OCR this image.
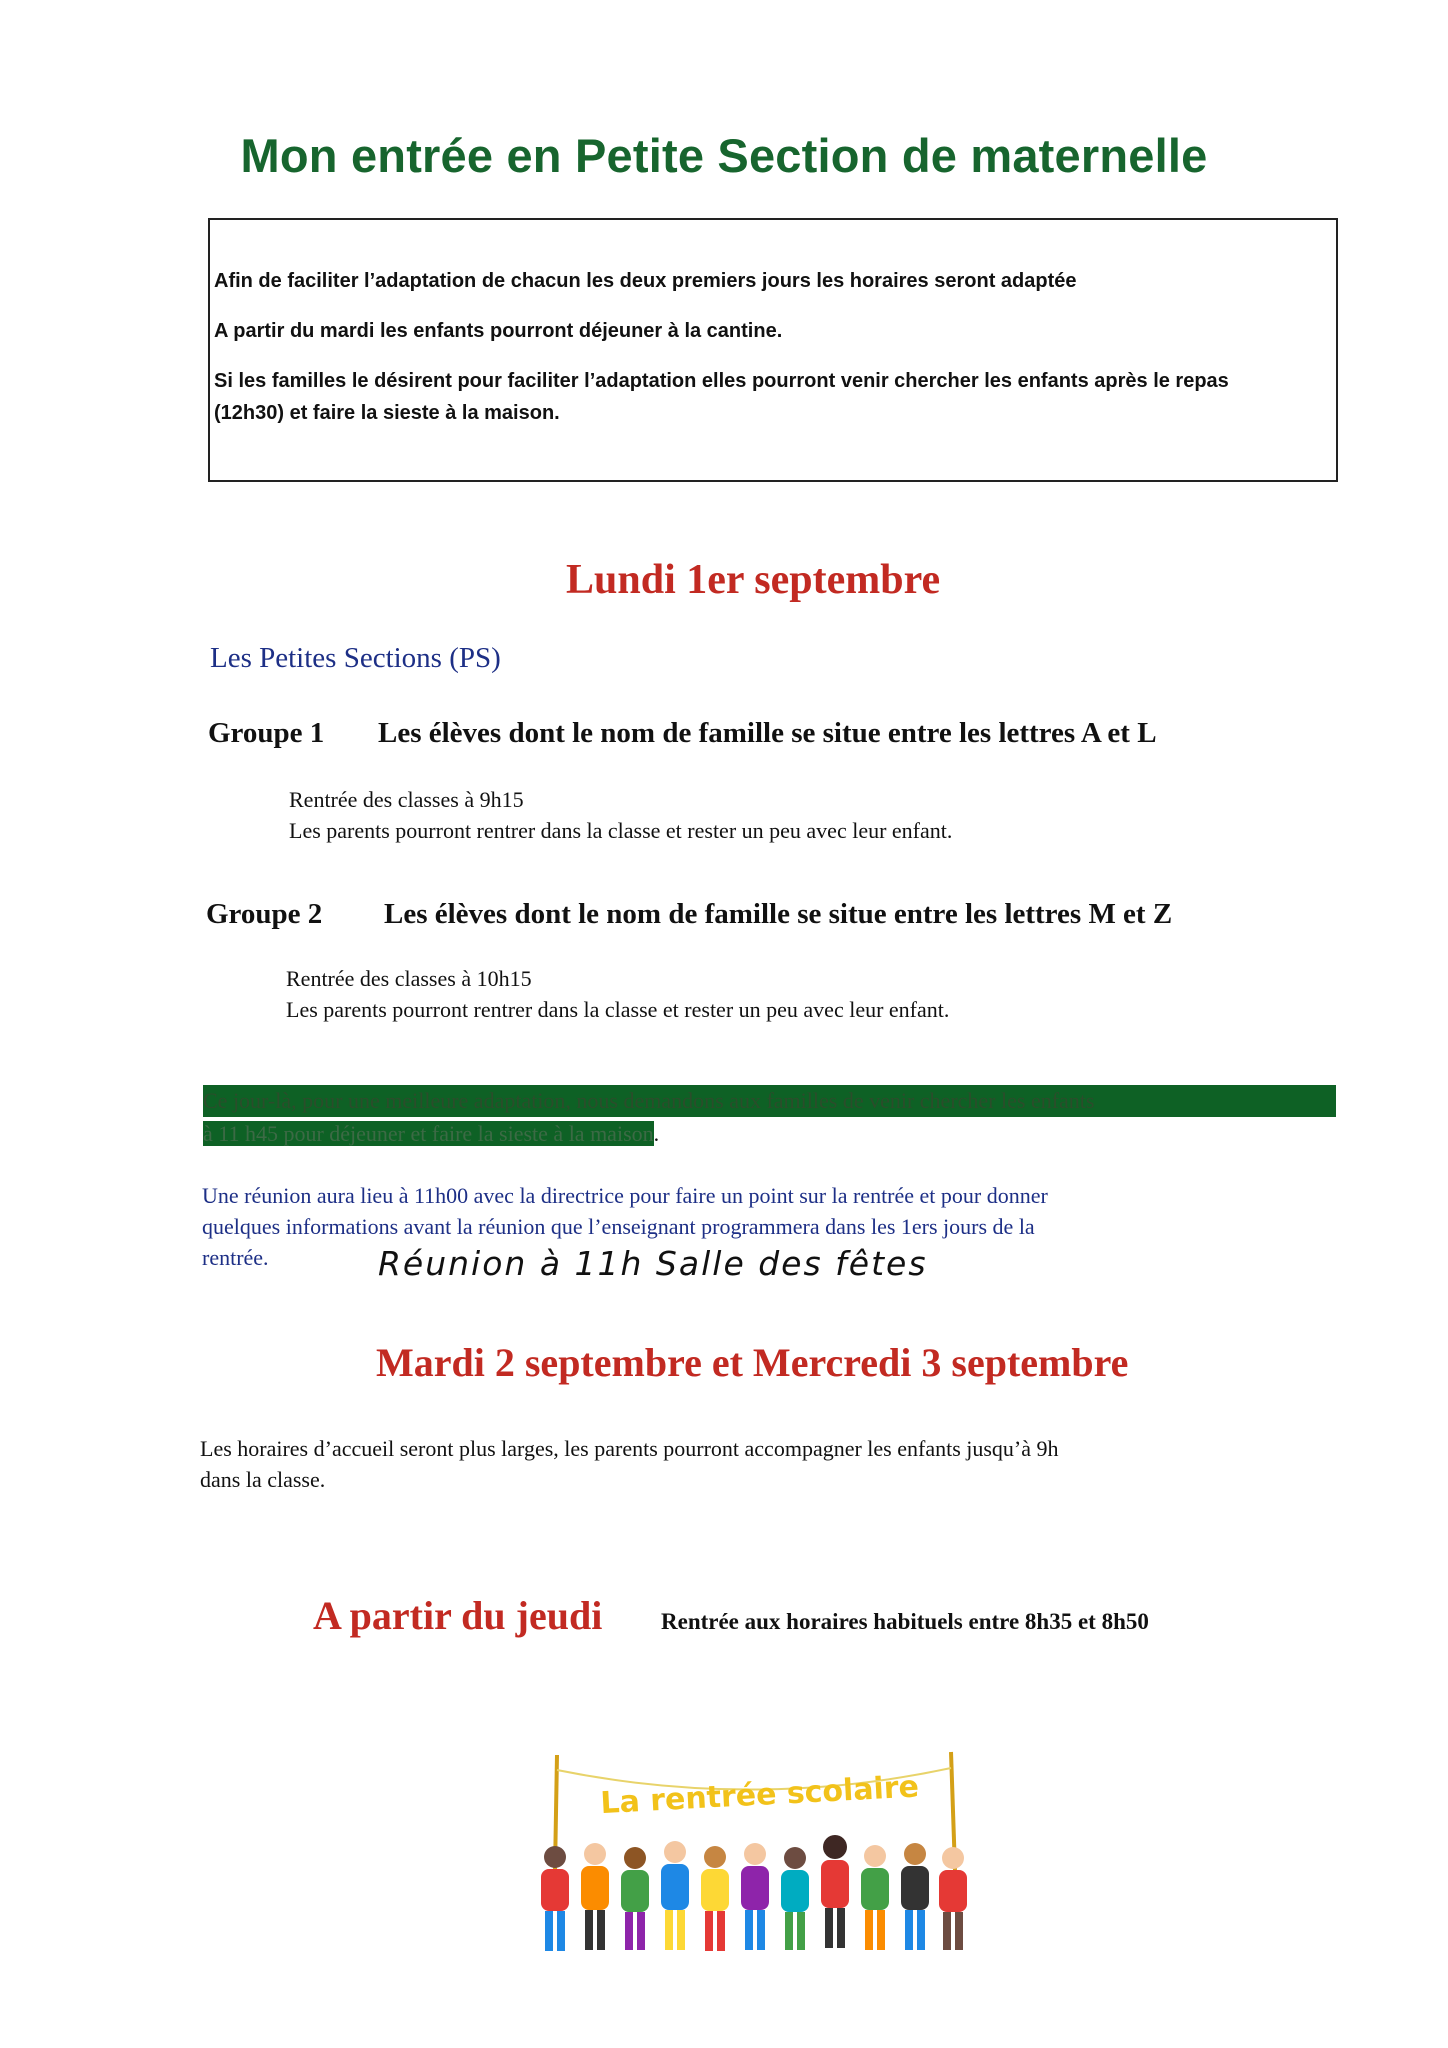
Mon entrée en Petite Section de maternelle
Afin de faciliter l’adaptation de chacun les deux premiers jours les horaires seront adaptée
A partir du mardi les enfants pourront déjeuner à la cantine.
Si les familles le désirent pour faciliter l’adaptation elles pourront venir chercher les enfants après le repas
(12h30) et faire la sieste à la maison.
Lundi 1er septembre
Les Petites Sections (PS)
Groupe 1 Les élèves dont le nom de famille se situe entre les lettres A et L
Rentrée des classes à 9h15
Les parents pourront rentrer dans la classe et rester un peu avec leur enfant.
Groupe 2 Les élèves dont le nom de famille se situe entre les lettres M et Z
Rentrée des classes à 10h15
Les parents pourront rentrer dans la classe et rester un peu avec leur enfant.
Ce jour-là, pour une meilleure adaptation, nous demandons aux familles de venir chercher les enfants
à 11 h45 pour déjeuner et faire la sieste à la maison.
Une réunion aura lieu à 11h00 avec la directrice pour faire un point sur la rentrée et pour donner
quelques informations avant la réunion que l’enseignant programmera dans les 1ers jours de la
rentrée.	Réunion à 11h Salle des fêtes
Mardi 2 septembre et Mercredi 3 septembre
Les horaires d’accueil seront plus larges, les parents pourront accompagner les enfants jusqu’à 9h
dans la classe.
A partir du jeudi	Rentrée aux horaires habituels entre 8h35 et 8h50
La rentrée scolaire
